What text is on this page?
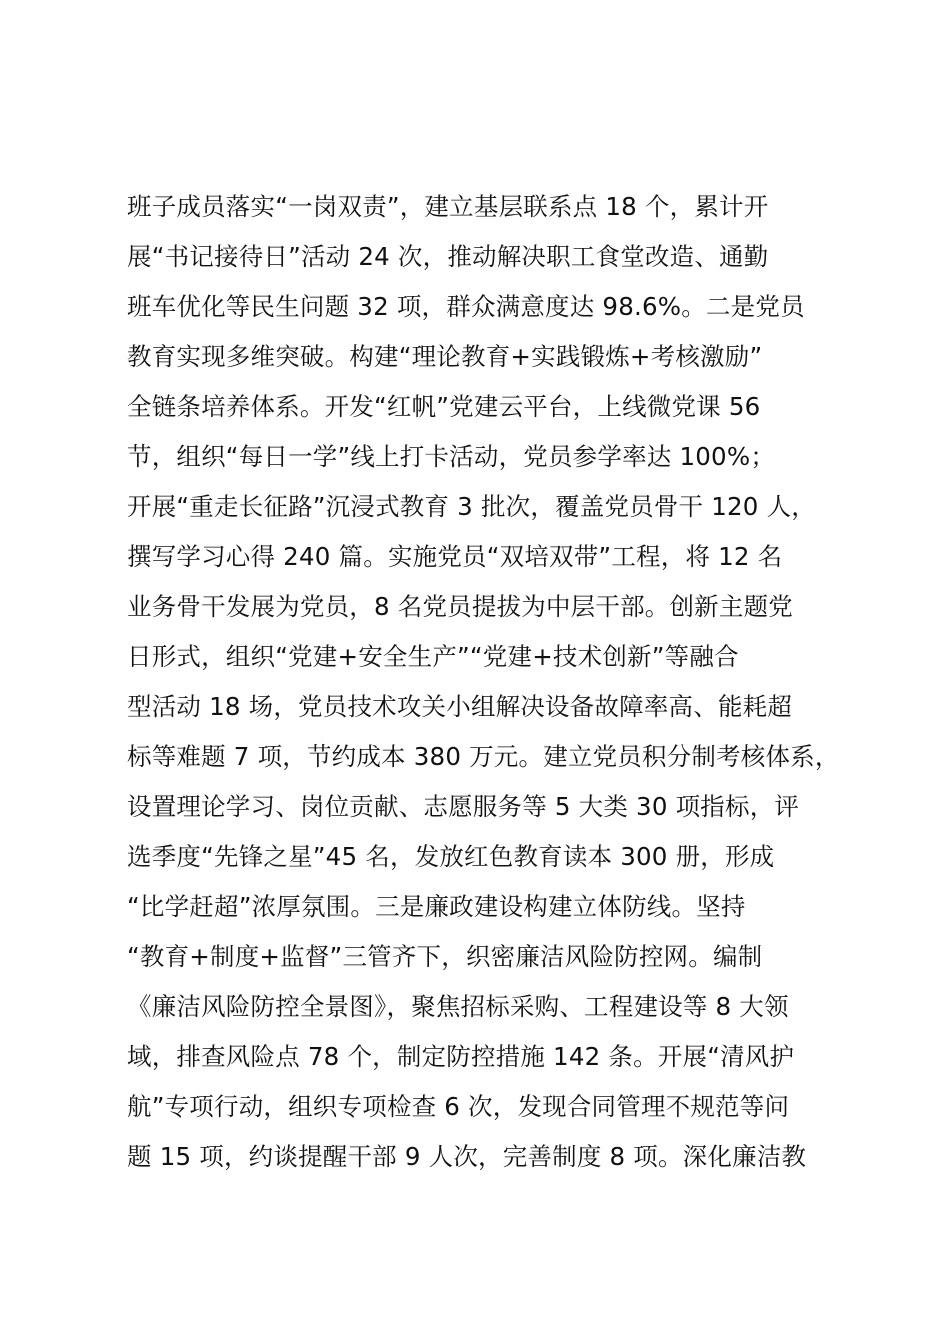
班子成员落实“一岗双责”，建立基层联系点 18 个，累计开
展“书记接待日”活动 24 次，推动解决职工食堂改造、通勤
班车优化等民生问题 32 项，群众满意度达 98.6%。二是党员
教育实现多维突破。构建“理论教育+实践锻炼+考核激励”
全链条培养体系。开发“红帆”党建云平台，上线微党课 56
节，组织“每日一学”线上打卡活动，党员参学率达 100%；
开展“重走长征路”沉浸式教育 3 批次，覆盖党员骨干 120 人，
撰写学习心得 240 篇。实施党员“双培双带”工程，将 12 名
业务骨干发展为党员，8 名党员提拔为中层干部。创新主题党
日形式，组织“党建+安全生产”“党建+技术创新”等融合
型活动 18 场，党员技术攻关小组解决设备故障率高、能耗超
标等难题 7 项，节约成本 380 万元。建立党员积分制考核体系，
设置理论学习、岗位贡献、志愿服务等 5 大类 30 项指标，评
选季度“先锋之星”45 名，发放红色教育读本 300 册，形成
“比学赶超”浓厚氛围。三是廉政建设构建立体防线。坚持
“教育+制度+监督”三管齐下，织密廉洁风险防控网。编制
《廉洁风险防控全景图》，聚焦招标采购、工程建设等 8 大领
域，排查风险点 78 个，制定防控措施 142 条。开展“清风护
航”专项行动，组织专项检查 6 次，发现合同管理不规范等问
题 15 项，约谈提醒干部 9 人次，完善制度 8 项。深化廉洁教
